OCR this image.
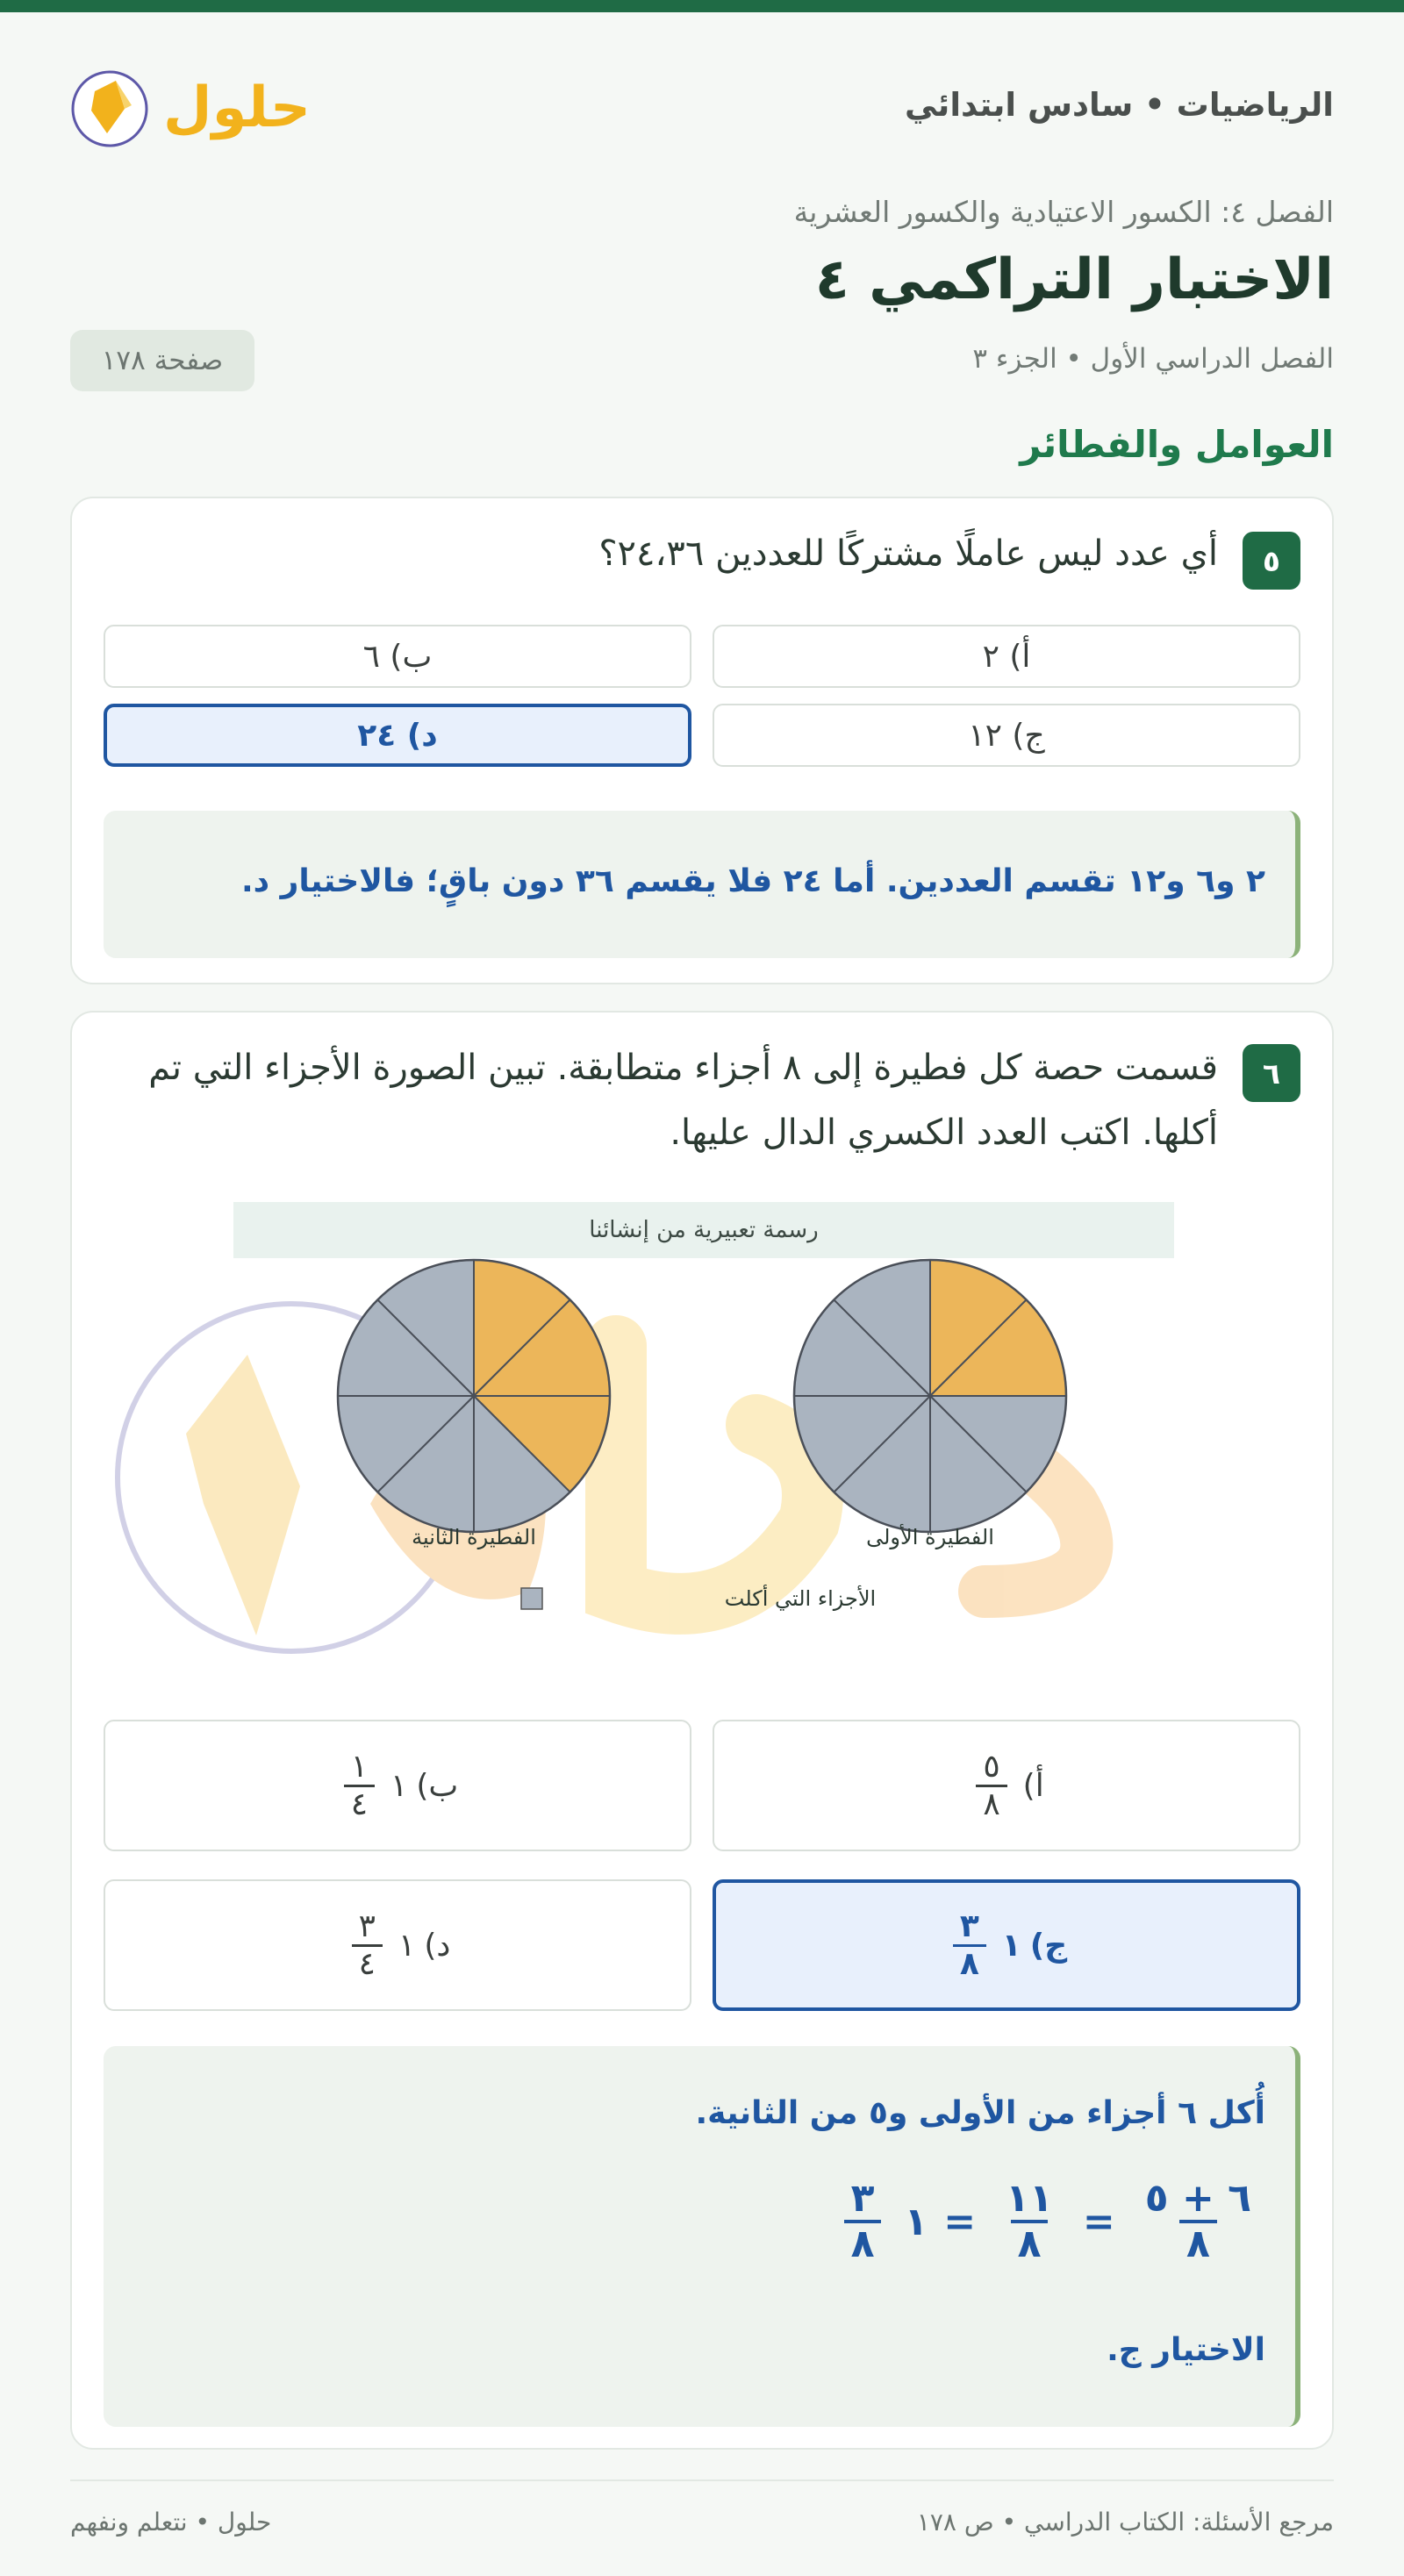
الرياضيات • سادس ابتدائي
حلول
الفصل ٤: الكسور الاعتيادية والكسور العشرية
الاختبار التراكمي ٤
الفصل الدراسي الأول • الجزء ٣
صفحة ١٧٨
العوامل والفطائر
٥
أي عدد ليس عاملًا مشتركًا للعددين ٢٤،٣٦؟
أ) ٢
ب) ٦
ج) ١٢
د) ٢٤
٢ و٦ و١٢ تقسم العددين. أما ٢٤ فلا يقسم ٣٦ دون باقٍ؛ فالاختيار د.
٦
قسمت حصة كل فطيرة إلى ٨ أجزاء متطابقة. تبين الصورة الأجزاء التي تم أكلها. اكتب العدد الكسري الدال عليها.
رسمة تعبيرية من إنشائنا
الفطيرة الأولى
الفطيرة الثانية
الأجزاء التي أكلت
أ)
$\frac{٥}{٨}$
ب)
١
$\frac{١}{٤}$
ج)
١
$\frac{٣}{٨}$
د)
١
$\frac{٣}{٤}$
أُكل ٦ أجزاء من الأولى و٥ من الثانية.
$\frac{٦ + ٥}{٨}$
=
$\frac{١١}{٨}$
=
١
$\frac{٣}{٨}$
الاختيار ج.
مرجع الأسئلة: الكتاب الدراسي • ص ١٧٨
حلول • نتعلم ونفهم
